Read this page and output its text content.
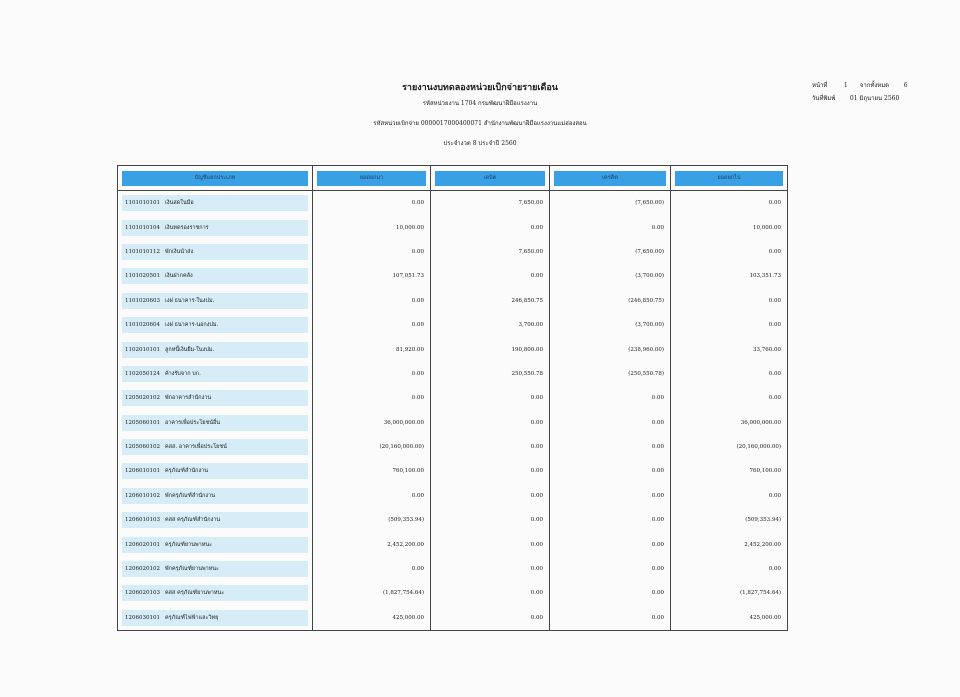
รายงานงบทดลองหน่วยเบิกจ่ายรายเดือน
รหัสหน่วยงาน 1704 กรมพัฒนาฝีมือแรงงาน
รหัสหน่วยเบิกจ่าย 0000017000400071 สำนักงานพัฒนาฝีมือแรงงานแม่ฮ่องสอน
ประจำงวด 8 ประจำปี 2560
หน้าที่	1 จากทั้งหมด 6
วันที่พิมพ์ 01 มิถุนายน 2560
บัญชีแยกประเภท	ยอดยกมา	เดบิต	เครดิต	ยอดยกไป

1101010101 เงินสดในมือ	0.00	7,650.00	(7,650.00)	0.00

1101010104 เงินทดรองราชการ	10,000.00	0.00	0.00	10,000.00

1101010112 พักเงินนำส่ง	0.00	7,650.00	(7,650.00)	0.00

1101020501 เงินฝากคลัง	107,051.73	0.00	(3,700.00)	103,351.73

1101020603 เงฝ ธนาคาร-ในงปม.	0.00	246,850.75	(246,850.75)	0.00

1101020604 เงฝ ธนาคาร-นอกงปม.	0.00	3,700.00	(3,700.00)	0.00

1102010101 ลูกหนี้เงินยืม-ในงปม.	81,920.00	190,800.00	(238,960.00)	33,760.00

1102050124 ค้างรับจาก บก.	0.00	250,550.78	(250,550.78)	0.00

1205020102 พักอาคารสำนักงาน	0.00	0.00	0.00	0.00

1205060101 อาคารเพื่อประโยชน์อื่น	36,000,000.00	0.00	0.00	36,000,000.00

1205060102 คสส. อาคารเพื่อประโยชน์	(20,160,000.00)	0.00	0.00	(20,160,000.00)

1206010101 ครุภัณฑ์สำนักงาน	760,100.00	0.00	0.00	760,100.00

1206010102 พักครุภัณฑ์สำนักงาน	0.00	0.00	0.00	0.00

1206010103 คสส ครุภัณฑ์สำนักงาน	(509,353.94)	0.00	0.00	(509,353.94)

1206020101 ครุภัณฑ์ยานพาหนะ	2,452,200.00	0.00	0.00	2,452,200.00

1206020102 พักครุภัณฑ์ยานพาหนะ	0.00	0.00	0.00	0.00

1206020103 คสส ครุภัณฑ์ยานพาหนะ	(1,827,754.64)	0.00	0.00	(1,827,754.64)

1206030101 ครุภัณฑ์ไฟฟ้าและวิทยุ	425,000.00	0.00	0.00	425,000.00
